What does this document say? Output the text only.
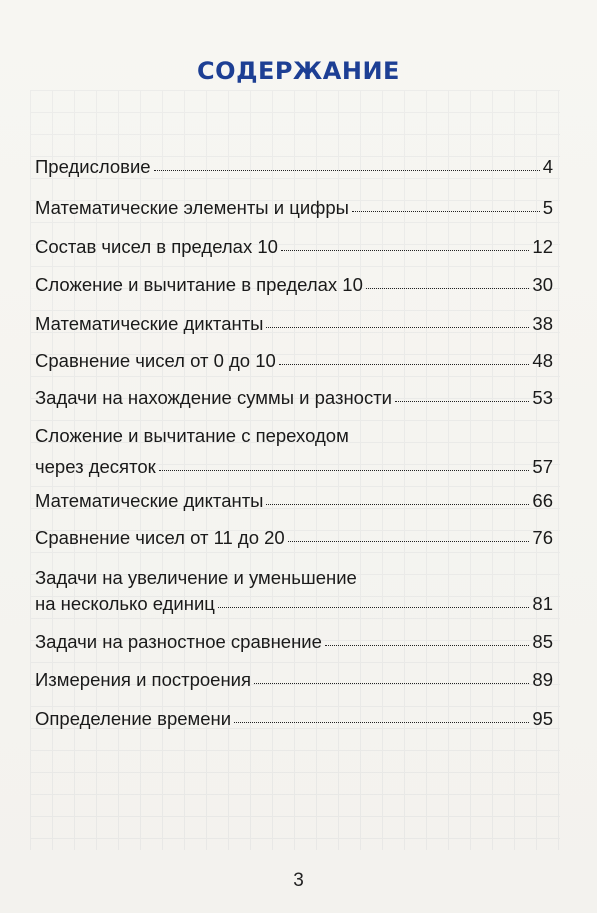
СОДЕРЖАНИЕ
Предисловие	4
Математические элементы и цифры	5
Состав чисел в пределах 10	12
Сложение и вычитание в пределах 10	30
Математические диктанты	38
Сравнение чисел от 0 до 10	48
Задачи на нахождение суммы и разности	53
Сложение и вычитание с переходом
через десяток	57
Математические диктанты	66
Сравнение чисел от 11 до 20	76
Задачи на увеличение и уменьшение
на несколько единиц	81
Задачи на разностное сравнение	85
Измерения и построения	89
Определение времени	95
3
